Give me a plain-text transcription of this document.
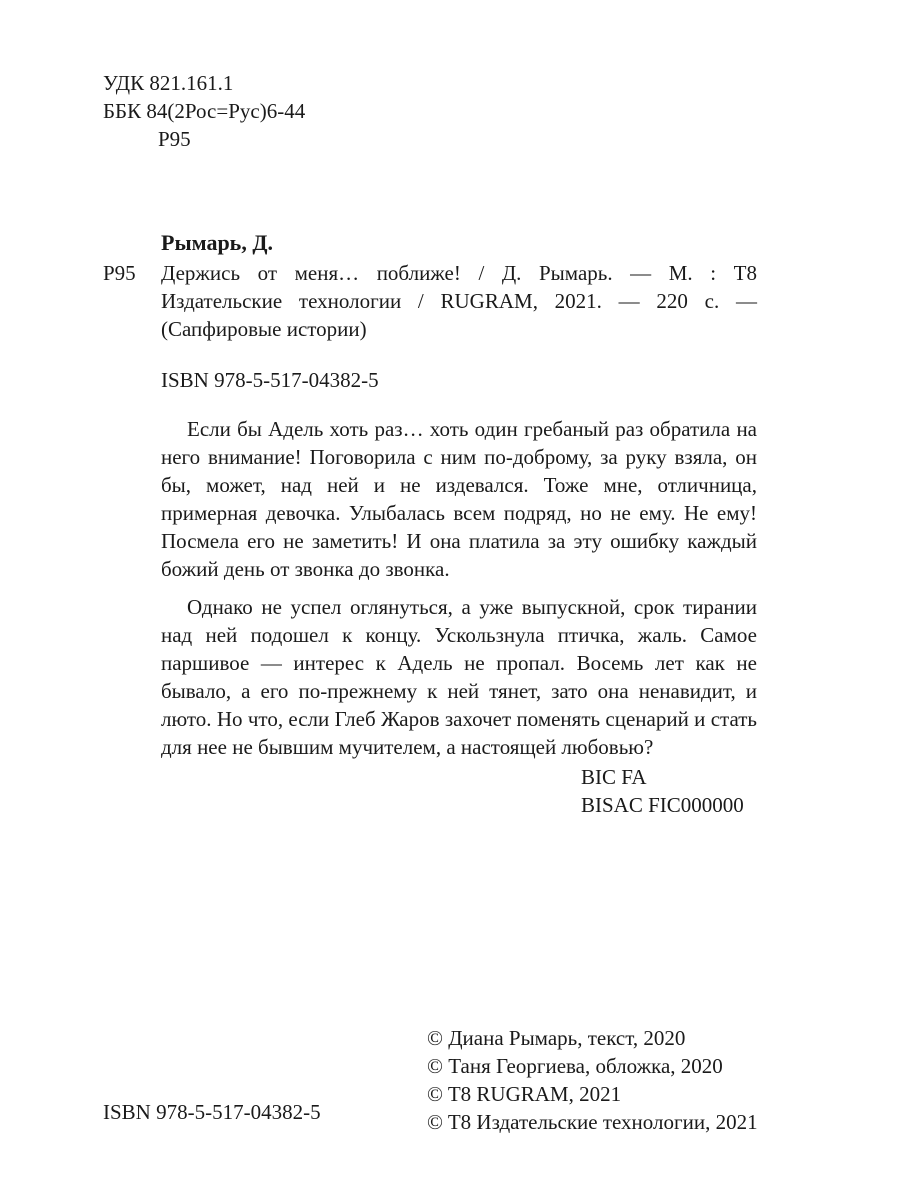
УДК 821.161.1
ББК 84(2Рос=Рус)6-44
Р95
Рымарь, Д.
Р95 Держись от меня… поближе! / Д. Рымарь. — М. : T8 Издательские технологии / RUGRAM, 2021. — 220 с. — (Сапфировые истории)
ISBN 978-5-517-04382-5

Если бы Адель хоть раз… хоть один гребаный раз обратила на него внимание! Поговорила с ним по-доброму, за руку взяла, он бы, может, над ней и не издевался. Тоже мне, отличница, примерная девочка. Улыбалась всем подряд, но не ему. Не ему! Посмела его не заметить! И она платила за эту ошибку каждый божий день от звонка до звонка.

Однако не успел оглянуться, а уже выпускной, срок тирании над ней подошел к концу. Ускользнула птичка, жаль. Самое паршивое — интерес к Адель не пропал. Восемь лет как не бывало, а его по-прежнему к ней тянет, зато она ненавидит, и люто. Но что, если Глеб Жаров захочет поменять сценарий и стать для нее не бывшим мучителем, а настоящей любовью?

BIC FA
BISAC FIC000000
© Диана Рымарь, текст, 2020
© Таня Георгиева, обложка, 2020
© T8 RUGRAM, 2021
© T8 Издательские технологии, 2021
ISBN 978-5-517-04382-5
